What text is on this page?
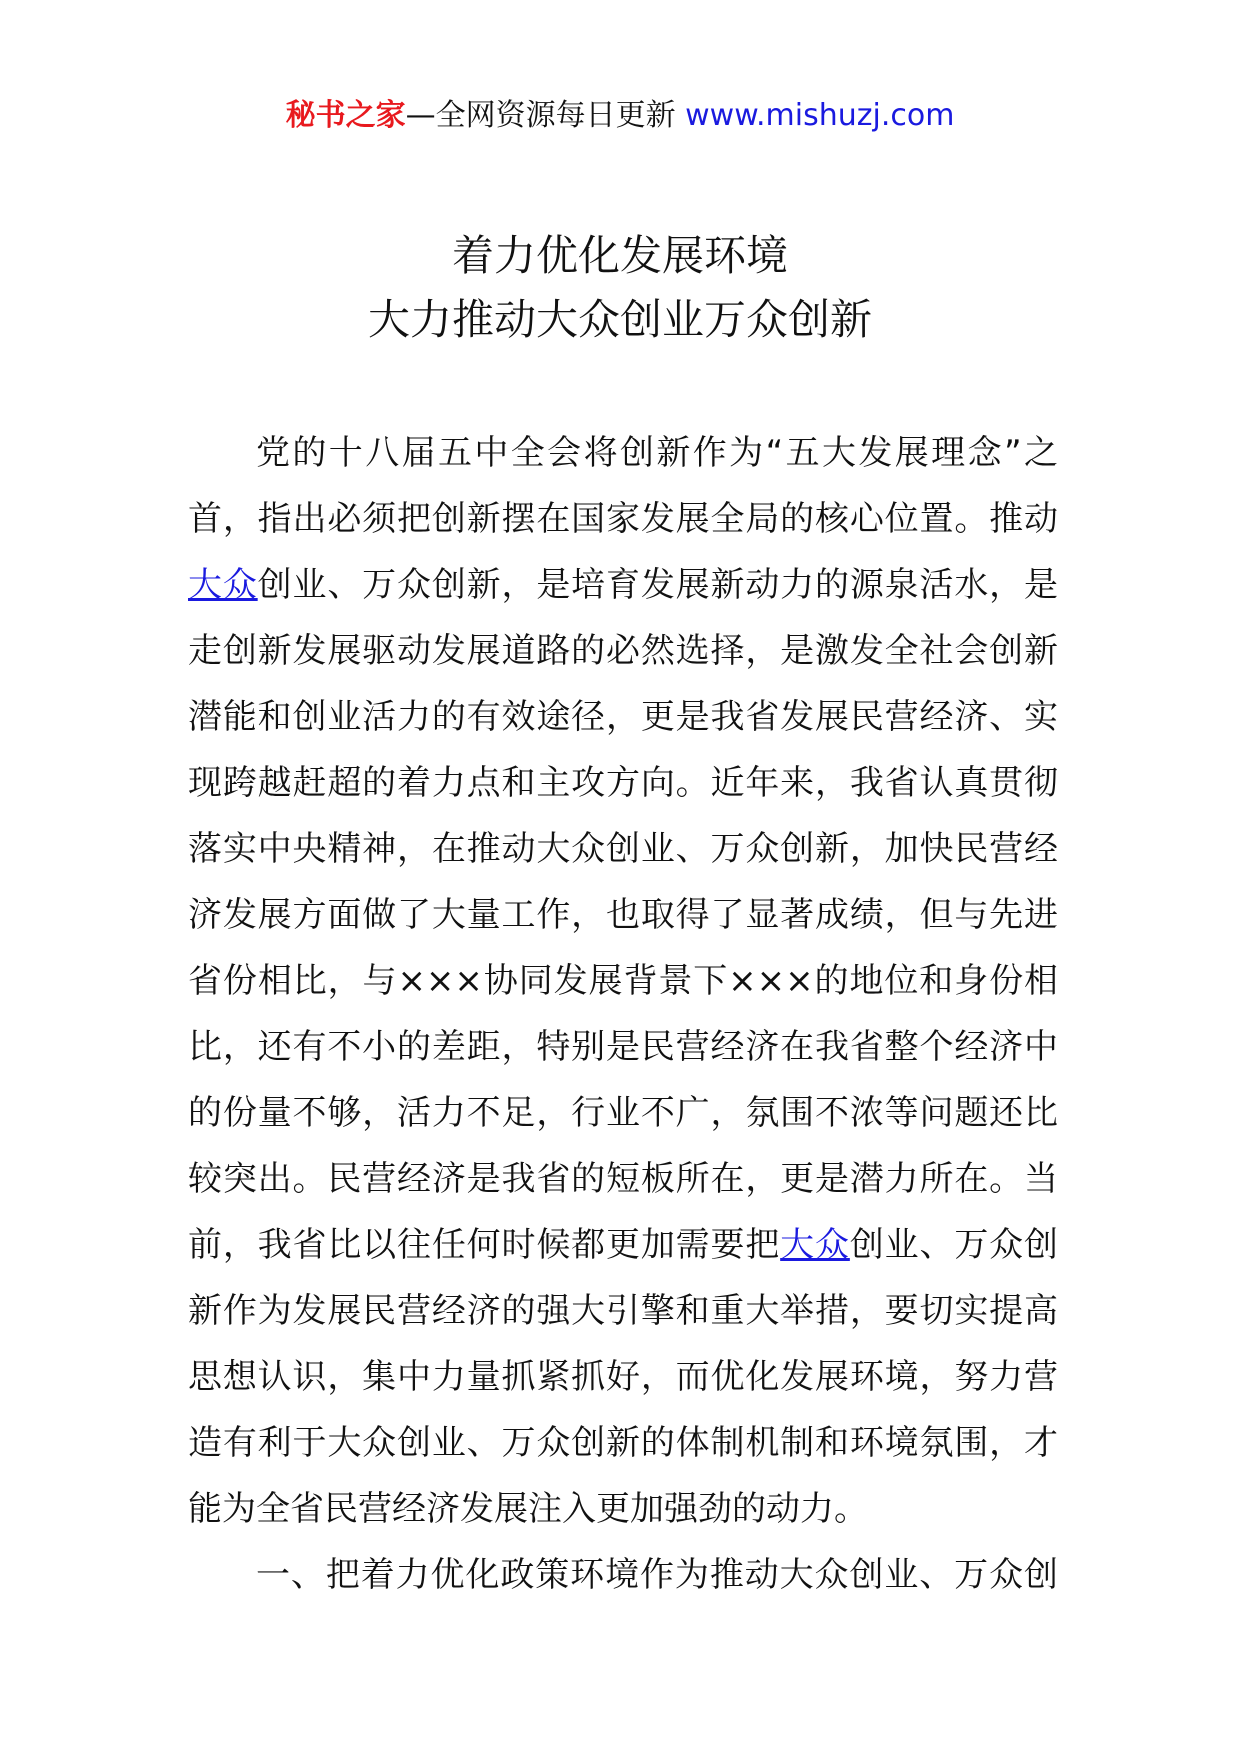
秘书之家—全网资源每日更新 www.mishuzj.com
着力优化发展环境
大力推动大众创业万众创新
党的十八届五中全会将创新作为“五大发展理念”之
首，指出必须把创新摆在国家发展全局的核心位置。推动
大众创业、万众创新，是培育发展新动力的源泉活水，是
走创新发展驱动发展道路的必然选择，是激发全社会创新
潜能和创业活力的有效途径，更是我省发展民营经济、实
现跨越赶超的着力点和主攻方向。近年来，我省认真贯彻
落实中央精神，在推动大众创业、万众创新，加快民营经
济发展方面做了大量工作，也取得了显著成绩，但与先进
省份相比，与×××协同发展背景下×××的地位和身份相
比，还有不小的差距，特别是民营经济在我省整个经济中
的份量不够，活力不足，行业不广，氛围不浓等问题还比
较突出。民营经济是我省的短板所在，更是潜力所在。当
前，我省比以往任何时候都更加需要把大众创业、万众创
新作为发展民营经济的强大引擎和重大举措，要切实提高
思想认识，集中力量抓紧抓好，而优化发展环境，努力营
造有利于大众创业、万众创新的体制机制和环境氛围，才
能为全省民营经济发展注入更加强劲的动力。
一、把着力优化政策环境作为推动大众创业、万众创
